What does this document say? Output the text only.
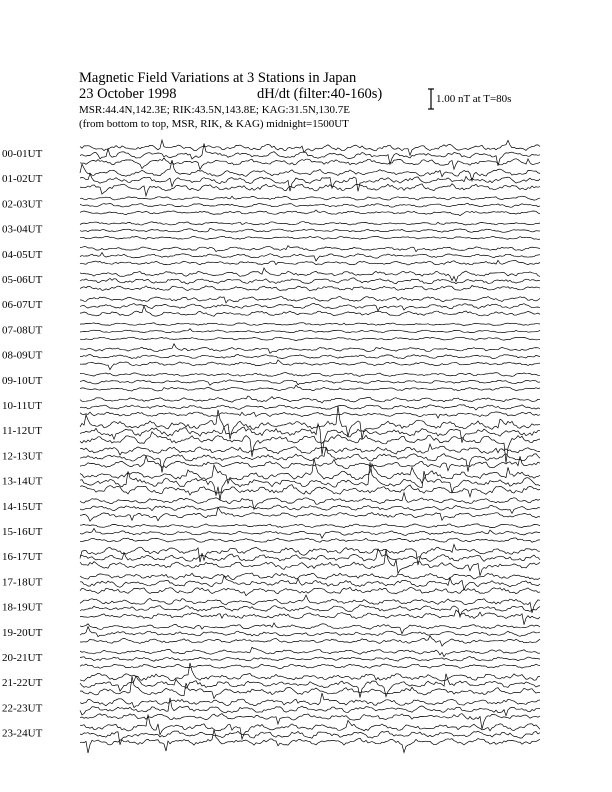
Magnetic Field Variations at 3 Stations in Japan
23 October 1998	dH/dt (filter:40-160s)
MSR:44.4N,142.3E; RIK:43.5N,143.8E; KAG:31.5N,130.7E
(from bottom to top, MSR, RIK, & KAG) midnight=1500UT
1.00 nT at T=80s
00-01UT
01-02UT
02-03UT
03-04UT
04-05UT
05-06UT
06-07UT
07-08UT
08-09UT
09-10UT
10-11UT
11-12UT
12-13UT
13-14UT
14-15UT
15-16UT
16-17UT
17-18UT
18-19UT
19-20UT
20-21UT
21-22UT
22-23UT
23-24UT
